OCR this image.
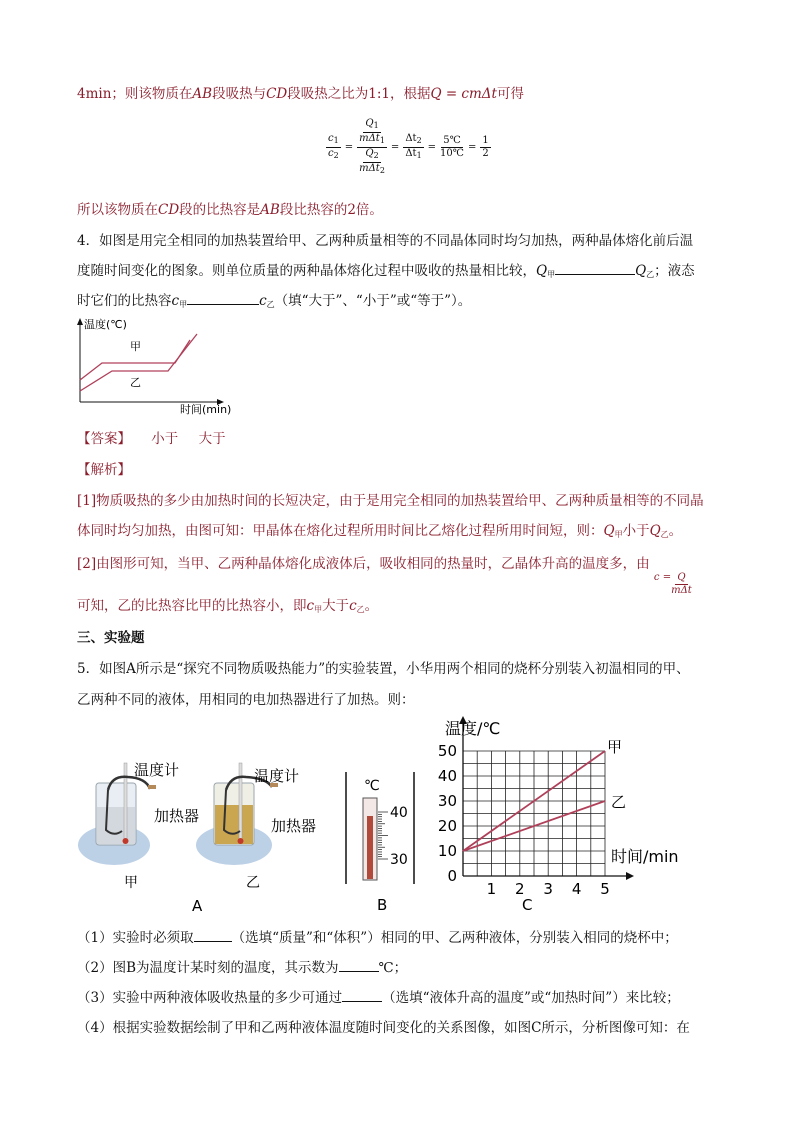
4min；则该物质在AB段吸热与CD段吸热之比为1:1，根据Q = cmΔt可得
$\frac{c_1}{c_2} = \frac{\frac{Q_1}{m\Delta t_1}}{\frac{Q_2}{m\Delta t_2}} = \frac{\Delta t_2}{\Delta t_1} = \frac{5℃}{10℃} = \frac{1}{2}$
所以该物质在CD段的比热容是AB段比热容的2倍。
4．如图是用完全相同的加热装置给甲、乙两种质量相等的不同晶体同时均匀加热，两种晶体熔化前后温
度随时间变化的图象。则单位质量的两种晶体熔化过程中吸收的热量相比较，$Q_甲$	$Q_乙$；液态
时它们的比热容$c_甲$	$c_乙$（填“大于”、“小于”或“等于”）。
温度(℃)
时间(min)
甲
乙
【答案】 小于 大于
【解析】
[1]物质吸热的多少由加热时间的长短决定，由于是用完全相同的加热装置给甲、乙两种质量相等的不同晶
体同时均匀加热，由图可知：甲晶体在熔化过程所用时间比乙熔化过程所用时间短，则：$Q_甲$小于$Q_乙$。
[2]由图形可知，当甲、乙两种晶体熔化成液体后，吸收相同的热量时，乙晶体升高的温度多，由
$c = \frac{Q}{\text{mΔt}}$
可知，乙的比热容比甲的比热容小，即$c_甲$大于$c_乙$。
三、实验题
5．如图A所示是“探究不同物质吸热能力”的实验装置，小华用两个相同的烧杯分别装入初温相同的甲、
乙两种不同的液体，用相同的电加热器进行了加热。则：
温度计
加热器
甲
温度计
加热器
乙
A
℃
40
30
B
0
10
20
30
40
50
1 2 3 4 5
温度/℃
时间/min
甲
乙
C
（1）实验时必须取	（选填“质量”和“体积”）相同的甲、乙两种液体，分别装入相同的烧杯中；
（2）图B为温度计某时刻的温度，其示数为	℃；
（3）实验中两种液体吸收热量的多少可通过	（选填“液体升高的温度”或“加热时间”）来比较；
（4）根据实验数据绘制了甲和乙两种液体温度随时间变化的关系图像，如图C所示，分析图像可知：在
